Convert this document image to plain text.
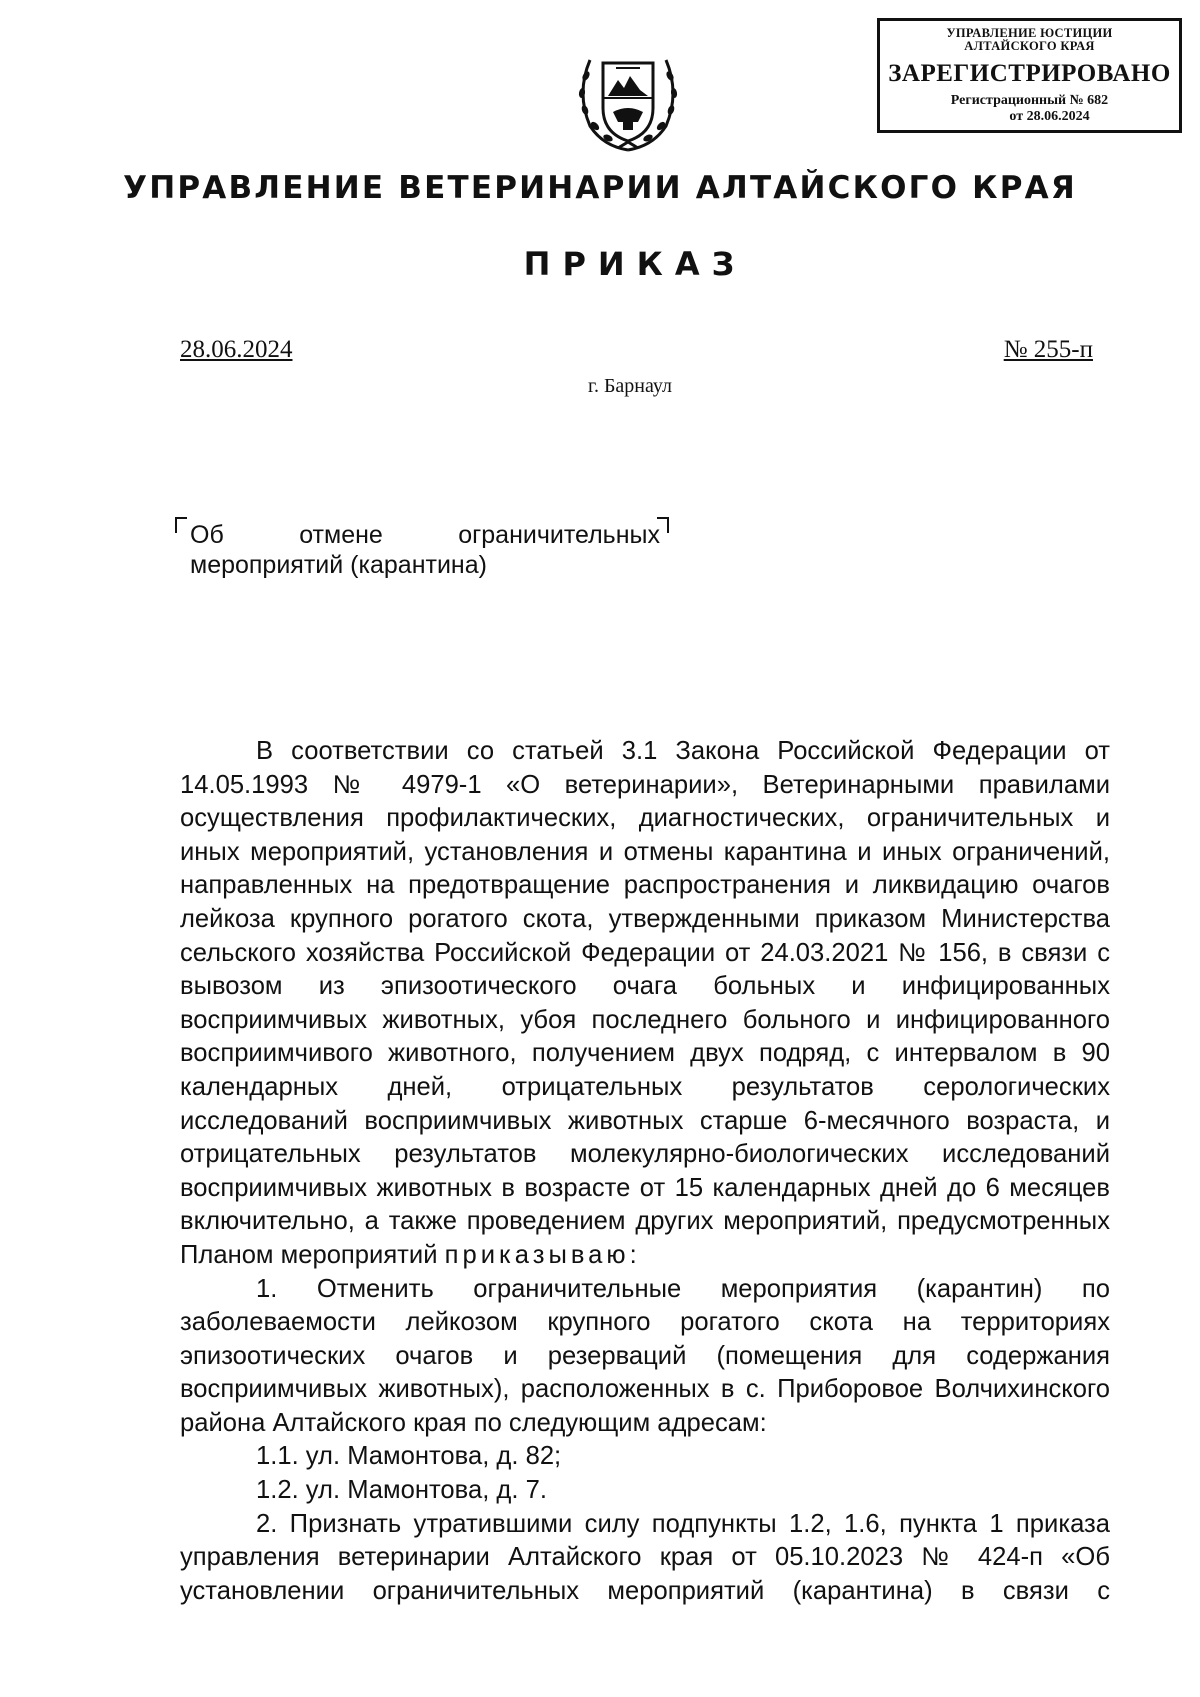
УПРАВЛЕНИЕ ЮСТИЦИИ
АЛТАЙСКОГО КРАЯ
ЗАРЕГИСТРИРОВАНО
Регистрационный № 682
от 28.06.2024
УПРАВЛЕНИЕ ВЕТЕРИНАРИИ АЛТАЙСКОГО КРАЯ
ПРИКАЗ
28.06.2024	№ 255-п
г. Барнаул
Об	отмене	ограничительных
мероприятий (карантина)

В соответствии со статьей 3.1 Закона Российской Федерации от 14.05.1993 № 4979-1 «О ветеринарии», Ветеринарными правилами осуществления профилактических, диагностических, ограничительных и иных мероприятий, установления и отмены карантина и иных ограничений, направленных на предотвращение распространения и ликвидацию очагов лейкоза крупного рогатого скота, утвержденными приказом Министерства сельского хозяйства Российской Федерации от 24.03.2021 № 156, в связи с вывозом из эпизоотического очага больных и инфицированных восприимчивых животных, убоя последнего больного и инфицированного восприимчивого животного, получением двух подряд, с интервалом в 90 календарных дней, отрицательных результатов серологических исследований восприимчивых животных старше 6-месячного возраста, и отрицательных результатов молекулярно-биологических исследований восприимчивых животных в возрасте от 15 календарных дней до 6 месяцев включительно, а также проведением других мероприятий, предусмотренных Планом мероприятий приказываю:

1. Отменить ограничительные мероприятия (карантин) по заболеваемости лейкозом крупного рогатого скота на территориях эпизоотических очагов и резерваций (помещения для содержания восприимчивых животных), расположенных в с. Приборовое Волчихинского района Алтайского края по следующим адресам:

1.1. ул. Мамонтова, д. 82;

1.2. ул. Мамонтова, д. 7.

2. Признать утратившими силу подпункты 1.2, 1.6, пункта 1 приказа управления ветеринарии Алтайского края от 05.10.2023 № 424-п «Об установлении ограничительных мероприятий (карантина) в связи с
